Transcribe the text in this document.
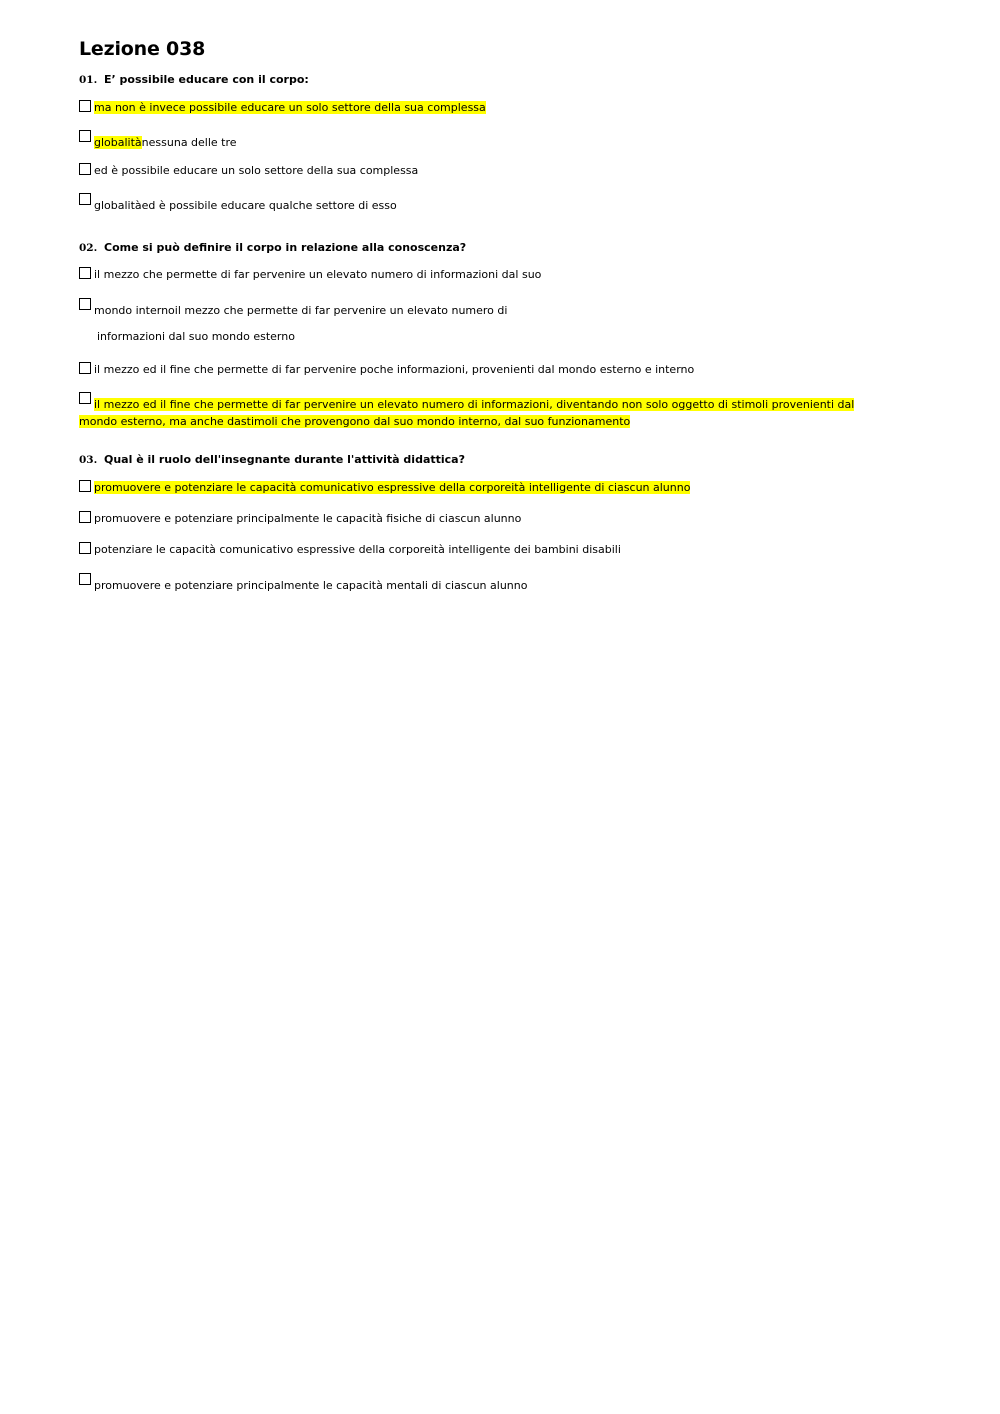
Lezione 038
01. E’ possibile educare con il corpo:
ma non è invece possibile educare un solo settore della sua complessa
globalitànessuna delle tre
ed è possibile educare un solo settore della sua complessa
globalitàed è possibile educare qualche settore di esso
02. Come si può definire il corpo in relazione alla conoscenza?
il mezzo che permette di far pervenire un elevato numero di informazioni dal suo
mondo internoil mezzo che permette di far pervenire un elevato numero di
informazioni dal suo mondo esterno
il mezzo ed il fine che permette di far pervenire poche informazioni, provenienti dal mondo esterno e interno
il mezzo ed il fine che permette di far pervenire un elevato numero di informazioni, diventando non solo oggetto di stimoli provenienti dal mondo esterno, ma anche dastimoli che provengono dal suo mondo interno, dal suo funzionamento
03. Qual è il ruolo dell'insegnante durante l'attività didattica?
promuovere e potenziare le capacità comunicativo espressive della corporeità intelligente di ciascun alunno
promuovere e potenziare principalmente le capacità fisiche di ciascun alunno
potenziare le capacità comunicativo espressive della corporeità intelligente dei bambini disabili
promuovere e potenziare principalmente le capacità mentali di ciascun alunno
